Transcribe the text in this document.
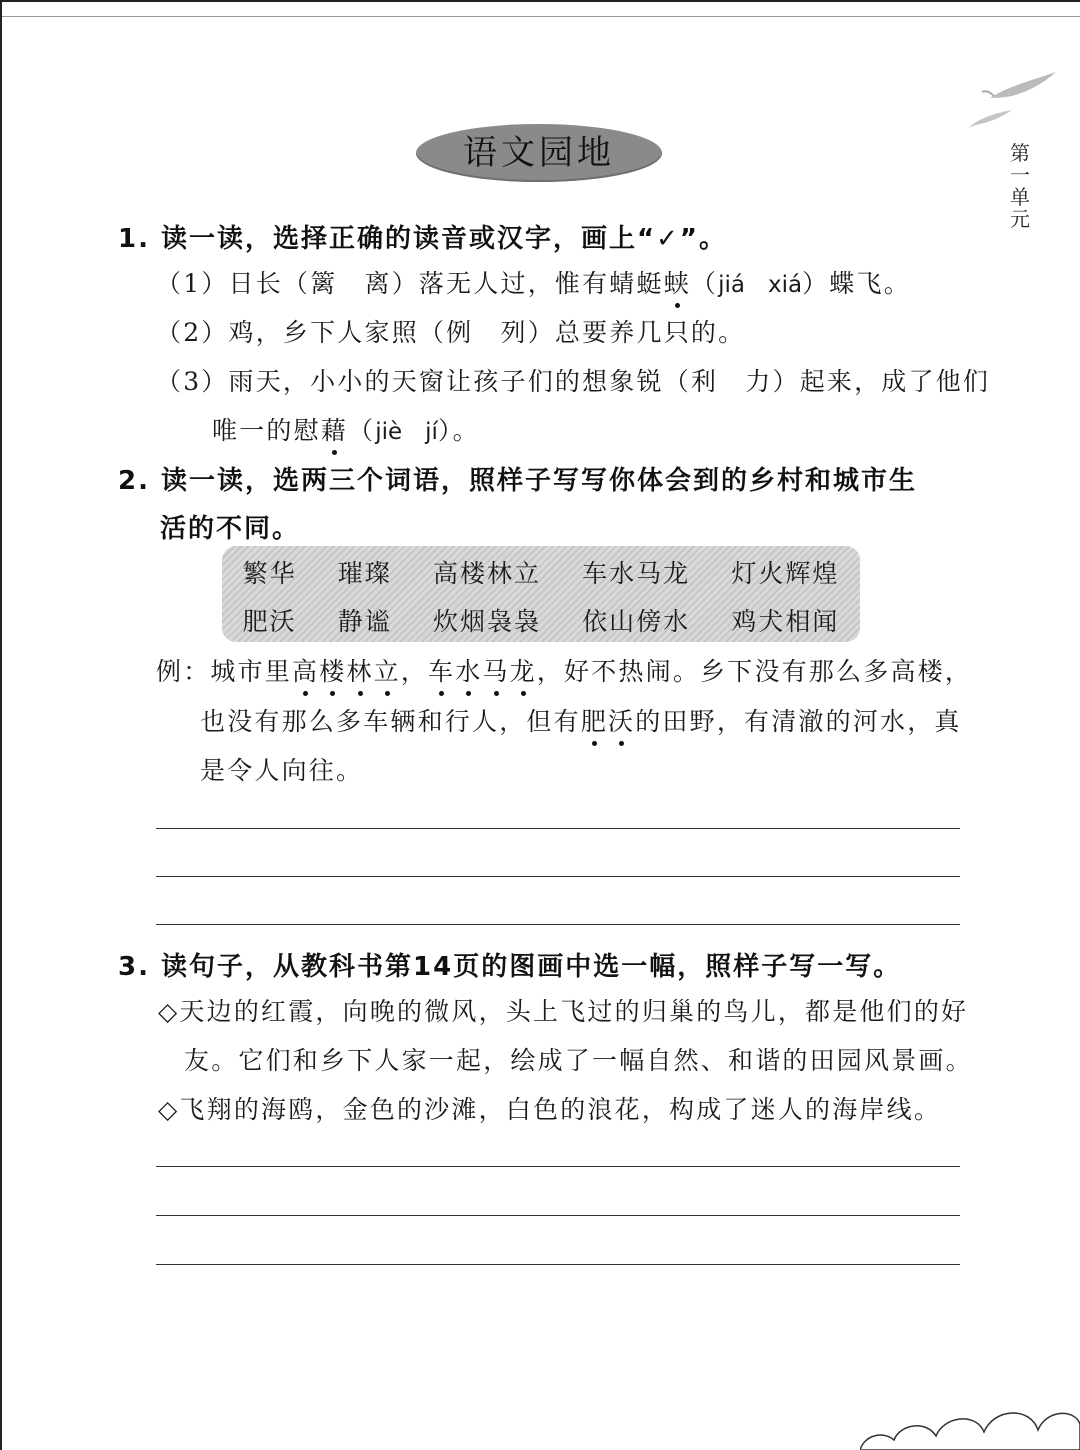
第
一
单
元
语文园地
1. 读一读，选择正确的读音或汉字，画上“✓”。
（1）日长（篱　离）落无人过，惟有蜻蜓蛱（jiá　xiá）蝶飞。
（2）鸡，乡下人家照（例　列）总要养几只的。
（3）雨天，小小的天窗让孩子们的想象锐（利　力）起来，成了他们
唯一的慰藉（jiè　jí）。
2. 读一读，选两三个词语，照样子写写你体会到的乡村和城市生
活的不同。
繁华 璀璨 高楼林立 车水马龙 灯火辉煌
肥沃 静谧 炊烟袅袅 依山傍水 鸡犬相闻
例：城市里高楼林立，车水马龙，好不热闹。乡下没有那么多高楼，
也没有那么多车辆和行人，但有肥沃的田野，有清澈的河水，真
是令人向往。
3. 读句子，从教科书第14页的图画中选一幅，照样子写一写。
◇天边的红霞，向晚的微风，头上飞过的归巢的鸟儿，都是他们的好
友。它们和乡下人家一起，绘成了一幅自然、和谐的田园风景画。
◇飞翔的海鸥，金色的沙滩，白色的浪花，构成了迷人的海岸线。
